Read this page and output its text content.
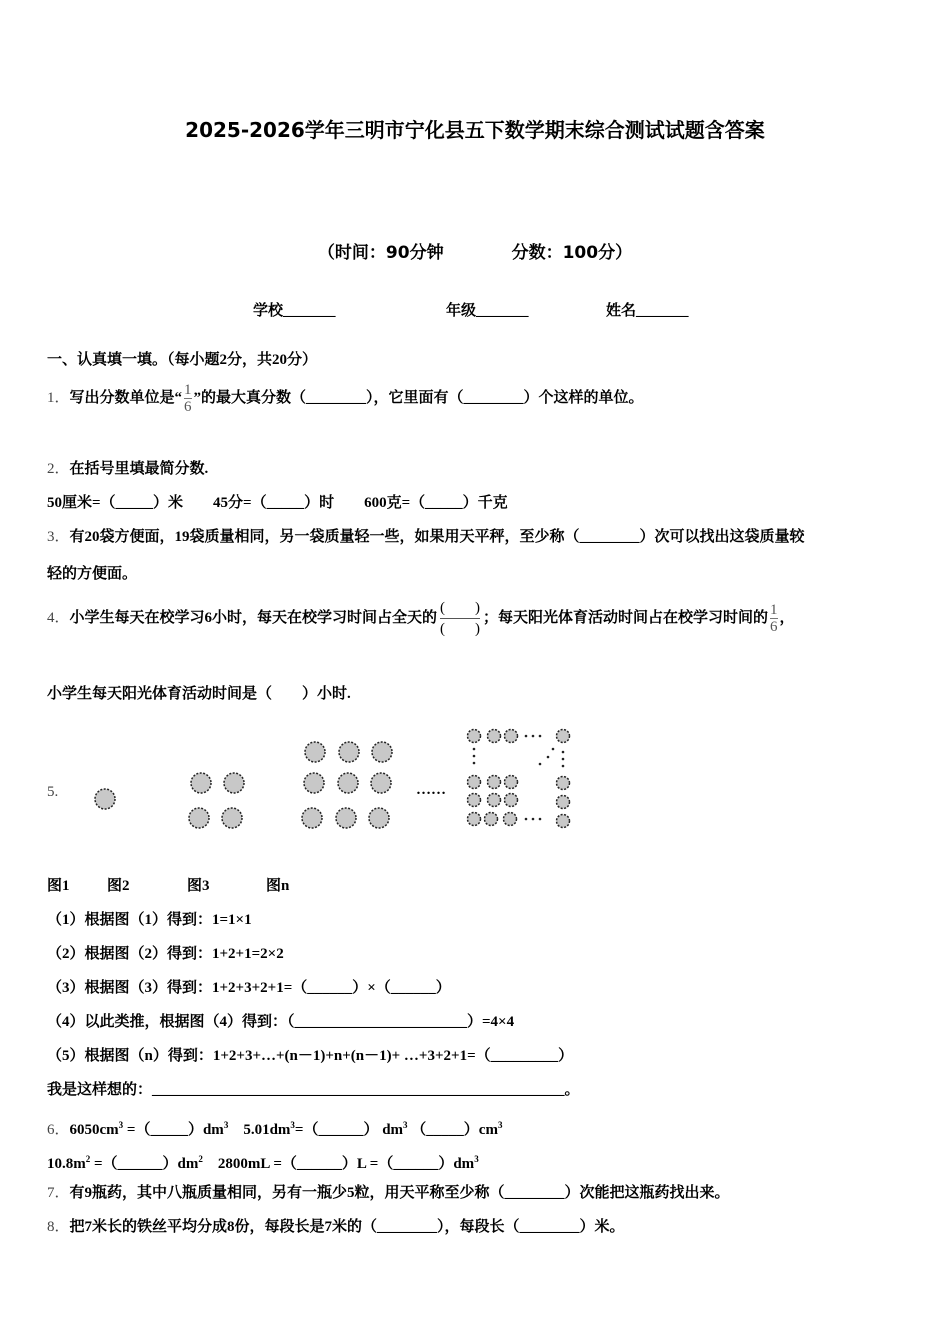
2025-2026学年三明市宁化县五下数学期末综合测试试题含答案
（时间：90分钟　　　　分数：100分）
学校_______	年级_______	姓名_______
一、认真填一填。（每小题2分，共20分）
1．写出分数单位是“ $\frac{1}{6}$ ”的最大真分数（________），它里面有（________）个这样的单位。
2．在括号里填最简分数.
50厘米=（_____）米　　45分=（_____）时　　600克=（_____）千克
3．有20袋方便面，19袋质量相同，另一袋质量轻一些，如果用天平秤，至少称（________）次可以找出这袋质量较
轻的方便面。
4．小学生每天在校学习6小时，每天在校学习时间占全天的
(　　)
(　　)
；每天阳光体育活动时间占在校学习时间的 $\frac{1}{6}$ ，
小学生每天阳光体育活动时间是（　　）小时.
5.	……
图1 图2	图3	图n
（1）根据图（1）得到：1=1×1
（2）根据图（2）得到：1+2+1=2×2
（3）根据图（3）得到：1+2+3+2+1=（______）×（______）
（4）以此类推，根据图（4）得到：（_______________________）=4×4
（5）根据图（n）得到：1+2+3+…+(n－1)+n+(n－1)+ …+3+2+1=（_________）
我是这样想的：_______________________________________________________。
6．$6050cm^3$ $=(\_\_\_\_\_)dm^3$　$5.01dm^3=(\_\_\_\_\_\_)$ $dm^3$ $(\_\_\_\_\_)cm^3$
$10.8m^2$ $=(\_\_\_\_\_\_)dm^2$　2800mL =（______）L $=(\_\_\_\_\_\_)dm^3$
7．有9瓶药，其中八瓶质量相同，另有一瓶少5粒，用天平称至少称（________）次能把这瓶药找出来。
8．把7米长的铁丝平均分成8份，每段长是7米的（________），每段长（________）米。
